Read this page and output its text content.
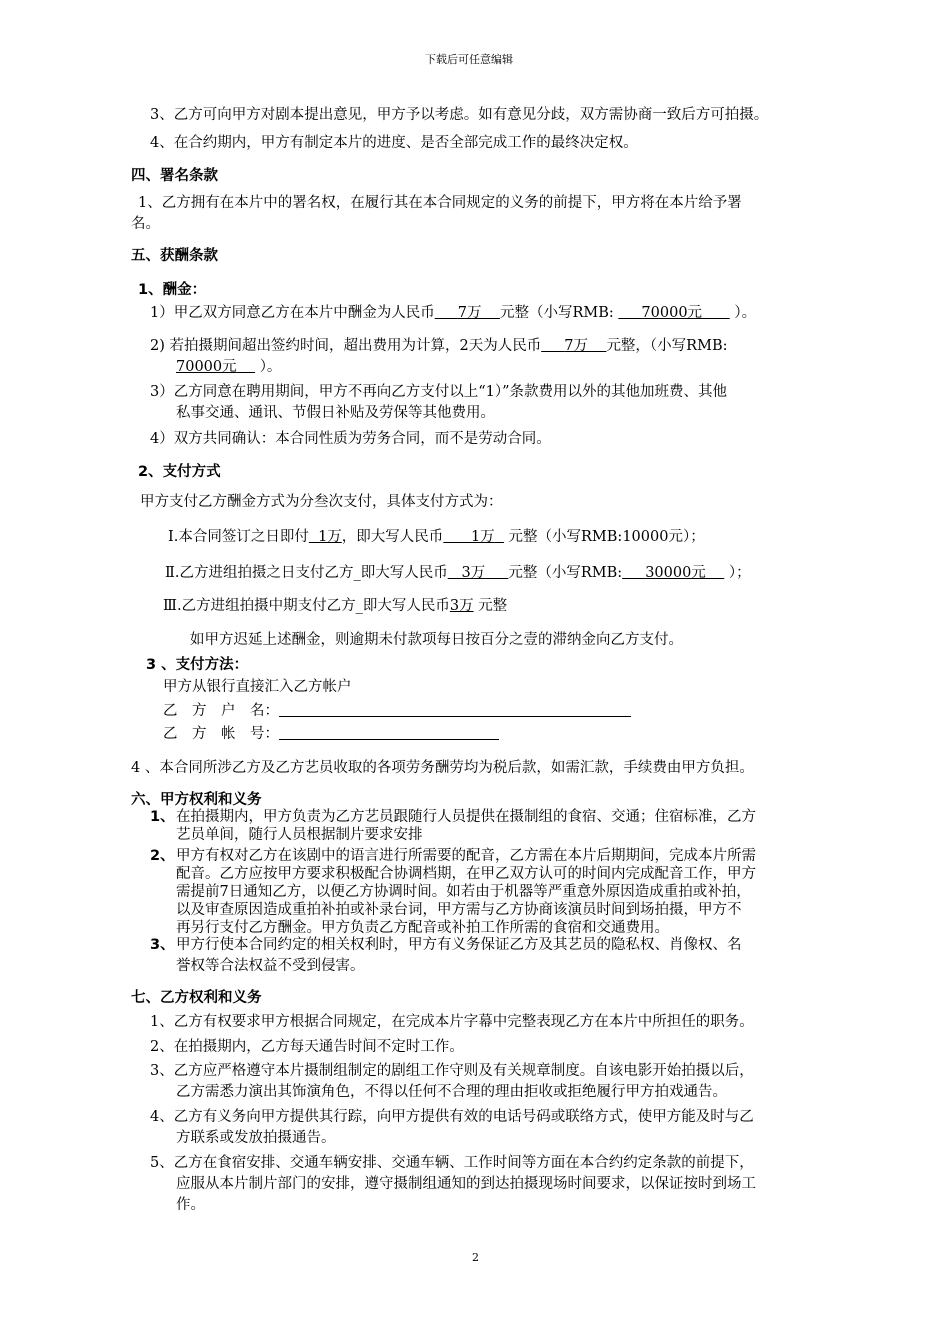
下载后可任意编辑
3、乙方可向甲方对剧本提出意见，甲方予以考虑。如有意见分歧，双方需协商一致后方可拍摄。
4、在合约期内，甲方有制定本片的进度、是否全部完成工作的最终决定权。
四、署名条款
1、乙方拥有在本片中的署名权，在履行其在本合同规定的义务的前提下，甲方将在本片给予署
名。
五、获酬条款
1、酬金：
1）甲乙双方同意乙方在本片中酬金为人民币 7万 元整（小写RMB: 70000元 ）。
2) 若拍摄期间超出签约时间，超出费用为计算，2天为人民币 7万 元整，（小写RMB:
70000元 ）。
3）乙方同意在聘用期间，甲方不再向乙方支付以上“1）”条款费用以外的其他加班费、其他
私事交通、通讯、节假日补贴及劳保等其他费用。
4）双方共同确认：本合同性质为劳务合同，而不是劳动合同。
2、支付方式
甲方支付乙方酬金方式为分叁次支付，具体支付方式为：
Ⅰ.本合同签订之日即付 1万，即大写人民币 1万 元整（小写RMB:10000元）；
Ⅱ.乙方进组拍摄之日支付乙方_即大写人民币 3万 元整（小写RMB: 30000元 ）；
Ⅲ.乙方进组拍摄中期支付乙方_即大写人民币3万 元整
如甲方迟延上述酬金，则逾期未付款项每日按百分之壹的滞纳金向乙方支付。
3 、支付方法：
甲方从银行直接汇入乙方帐户
乙　方　户　名：
乙　方　帐　号：
4 、本合同所涉乙方及乙方艺员收取的各项劳务酬劳均为税后款，如需汇款，手续费由甲方负担。
六、甲方权利和义务
1、 在拍摄期内，甲方负责为乙方艺员跟随行人员提供在摄制组的食宿、交通；住宿标准，乙方
艺员单间，随行人员根据制片要求安排
2、 甲方有权对乙方在该剧中的语言进行所需要的配音，乙方需在本片后期期间，完成本片所需
配音。乙方应按甲方要求积极配合协调档期，在甲乙双方认可的时间内完成配音工作，甲方
需提前7日通知乙方，以便乙方协调时间。如若由于机器等严重意外原因造成重拍或补拍，
以及审查原因造成重拍补拍或补录台词，甲方需与乙方协商该演员时间到场拍摄，甲方不
再另行支付乙方酬金。甲方负责乙方配音或补拍工作所需的食宿和交通费用。
3、 甲方行使本合同约定的相关权利时，甲方有义务保证乙方及其艺员的隐私权、肖像权、名
誉权等合法权益不受到侵害。
七、乙方权利和义务
1、乙方有权要求甲方根据合同规定，在完成本片字幕中完整表现乙方在本片中所担任的职务。
2、在拍摄期内，乙方每天通告时间不定时工作。
3、乙方应严格遵守本片摄制组制定的剧组工作守则及有关规章制度。自该电影开始拍摄以后，
乙方需悉力演出其饰演角色，不得以任何不合理的理由拒收或拒绝履行甲方拍戏通告。
4、乙方有义务向甲方提供其行踪，向甲方提供有效的电话号码或联络方式，使甲方能及时与乙
方联系或发放拍摄通告。
5、乙方在食宿安排、交通车辆安排、交通车辆、工作时间等方面在本合约约定条款的前提下，
应服从本片制片部门的安排，遵守摄制组通知的到达拍摄现场时间要求，以保证按时到场工
作。
2
